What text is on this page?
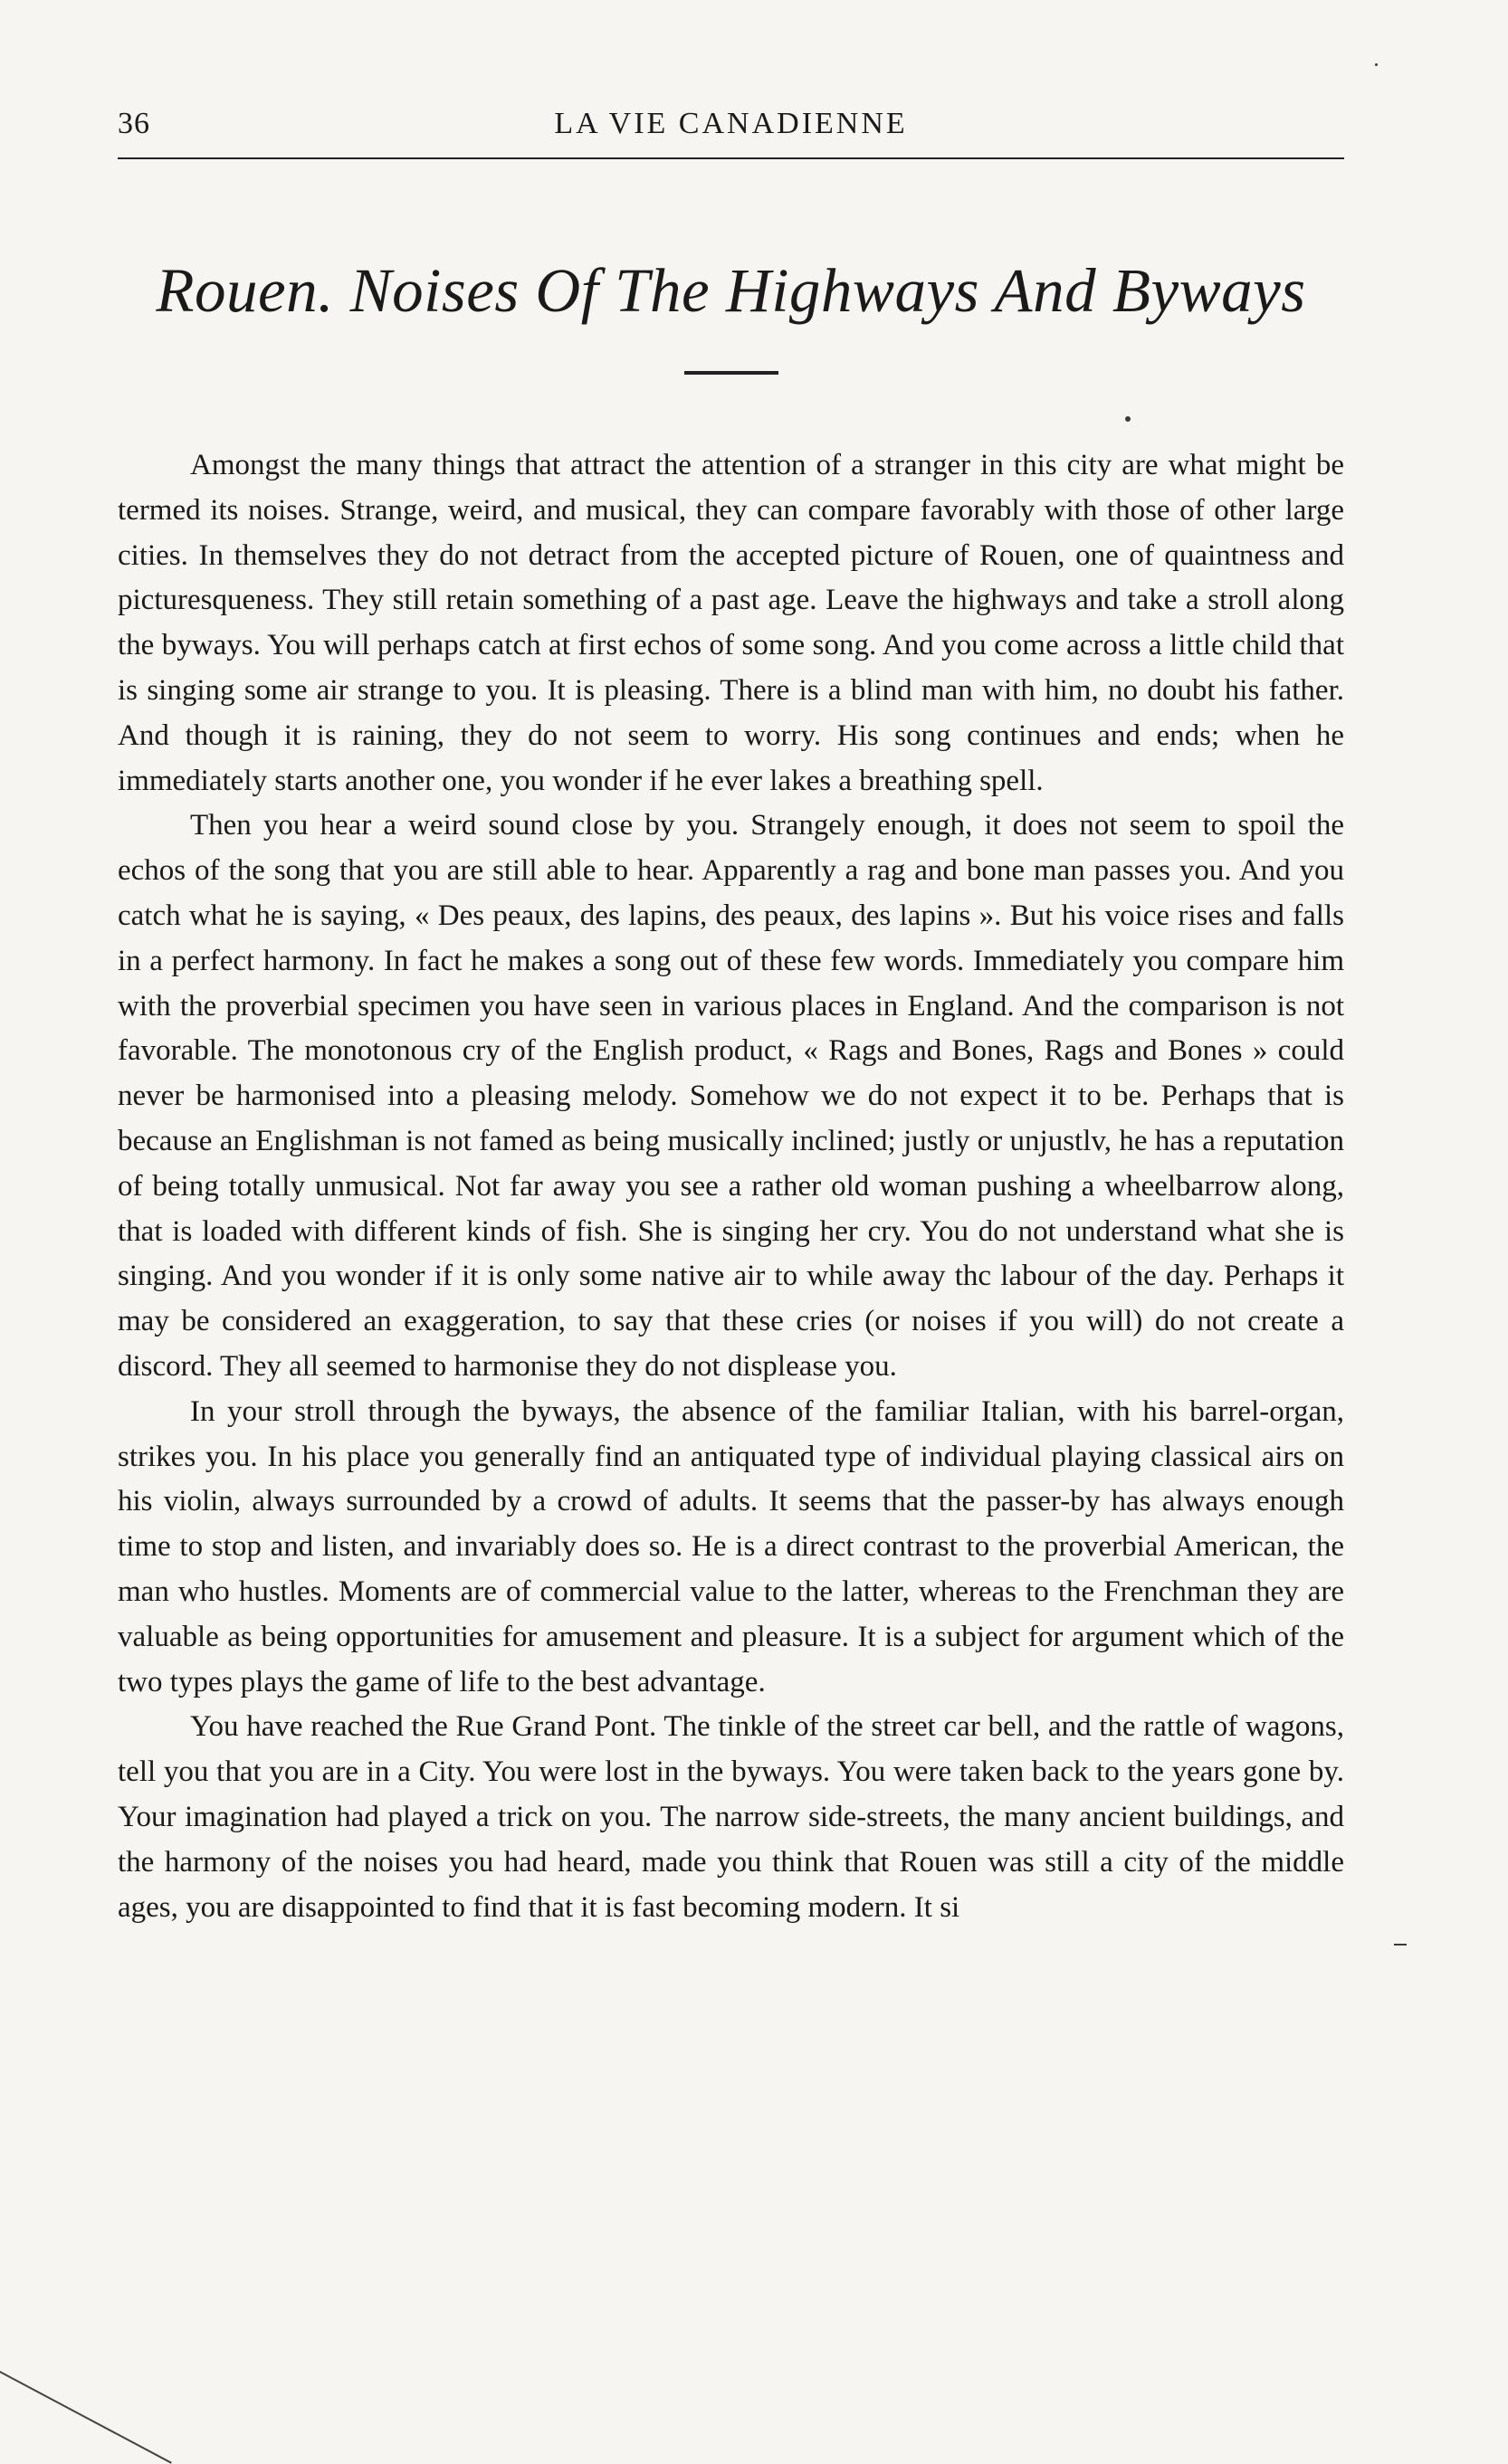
36	LA VIE CANADIENNE
Rouen. Noises Of The Highways And Byways

Amongst the many things that attract the attention of a stranger in this city are what might be termed its noises. Strange, weird, and musical, they can compare favorably with those of other large cities. In themselves they do not detract from the accepted picture of Rouen, one of quaintness and picturesqueness. They still retain something of a past age. Leave the highways and take a stroll along the byways. You will perhaps catch at first echos of some song. And you come across a little child that is singing some air strange to you. It is pleasing. There is a blind man with him, no doubt his father. And though it is raining, they do not seem to worry. His song continues and ends; when he immediately starts another one, you wonder if he ever lakes a breathing spell.

Then you hear a weird sound close by you. Strangely enough, it does not seem to spoil the echos of the song that you are still able to hear. Apparently a rag and bone man passes you. And you catch what he is saying, « Des peaux, des lapins, des peaux, des lapins ». But his voice rises and falls in a perfect harmony. In fact he makes a song out of these few words. Immediately you compare him with the proverbial specimen you have seen in various places in England. And the comparison is not favorable. The monotonous cry of the English product, « Rags and Bones, Rags and Bones » could never be harmonised into a pleasing melody. Somehow we do not expect it to be. Perhaps that is because an Englishman is not famed as being musically inclined; justly or unjustlv, he has a reputation of being totally unmusical. Not far away you see a rather old woman pushing a wheelbarrow along, that is loaded with different kinds of fish. She is singing her cry. You do not understand what she is singing. And you wonder if it is only some native air to while away thc labour of the day. Perhaps it may be considered an exaggeration, to say that these cries (or noises if you will) do not create a discord. They all seemed to harmonise they do not displease you.

In your stroll through the byways, the absence of the familiar Italian, with his barrel-organ, strikes you. In his place you generally find an antiquated type of individual playing classical airs on his violin, always surrounded by a crowd of adults. It seems that the passer-by has always enough time to stop and listen, and invariably does so. He is a direct contrast to the proverbial American, the man who hustles. Moments are of commercial value to the latter, whereas to the Frenchman they are valuable as being opportunities for amusement and pleasure. It is a subject for argument which of the two types plays the game of life to the best advantage.

You have reached the Rue Grand Pont. The tinkle of the street car bell, and the rattle of wagons, tell you that you are in a City. You were lost in the byways. You were taken back to the years gone by. Your imagination had played a trick on you. The narrow side-streets, the many ancient buildings, and the harmony of the noises you had heard, made you think that Rouen was still a city of the middle ages, you are disappointed to find that it is fast becoming modern. It si
